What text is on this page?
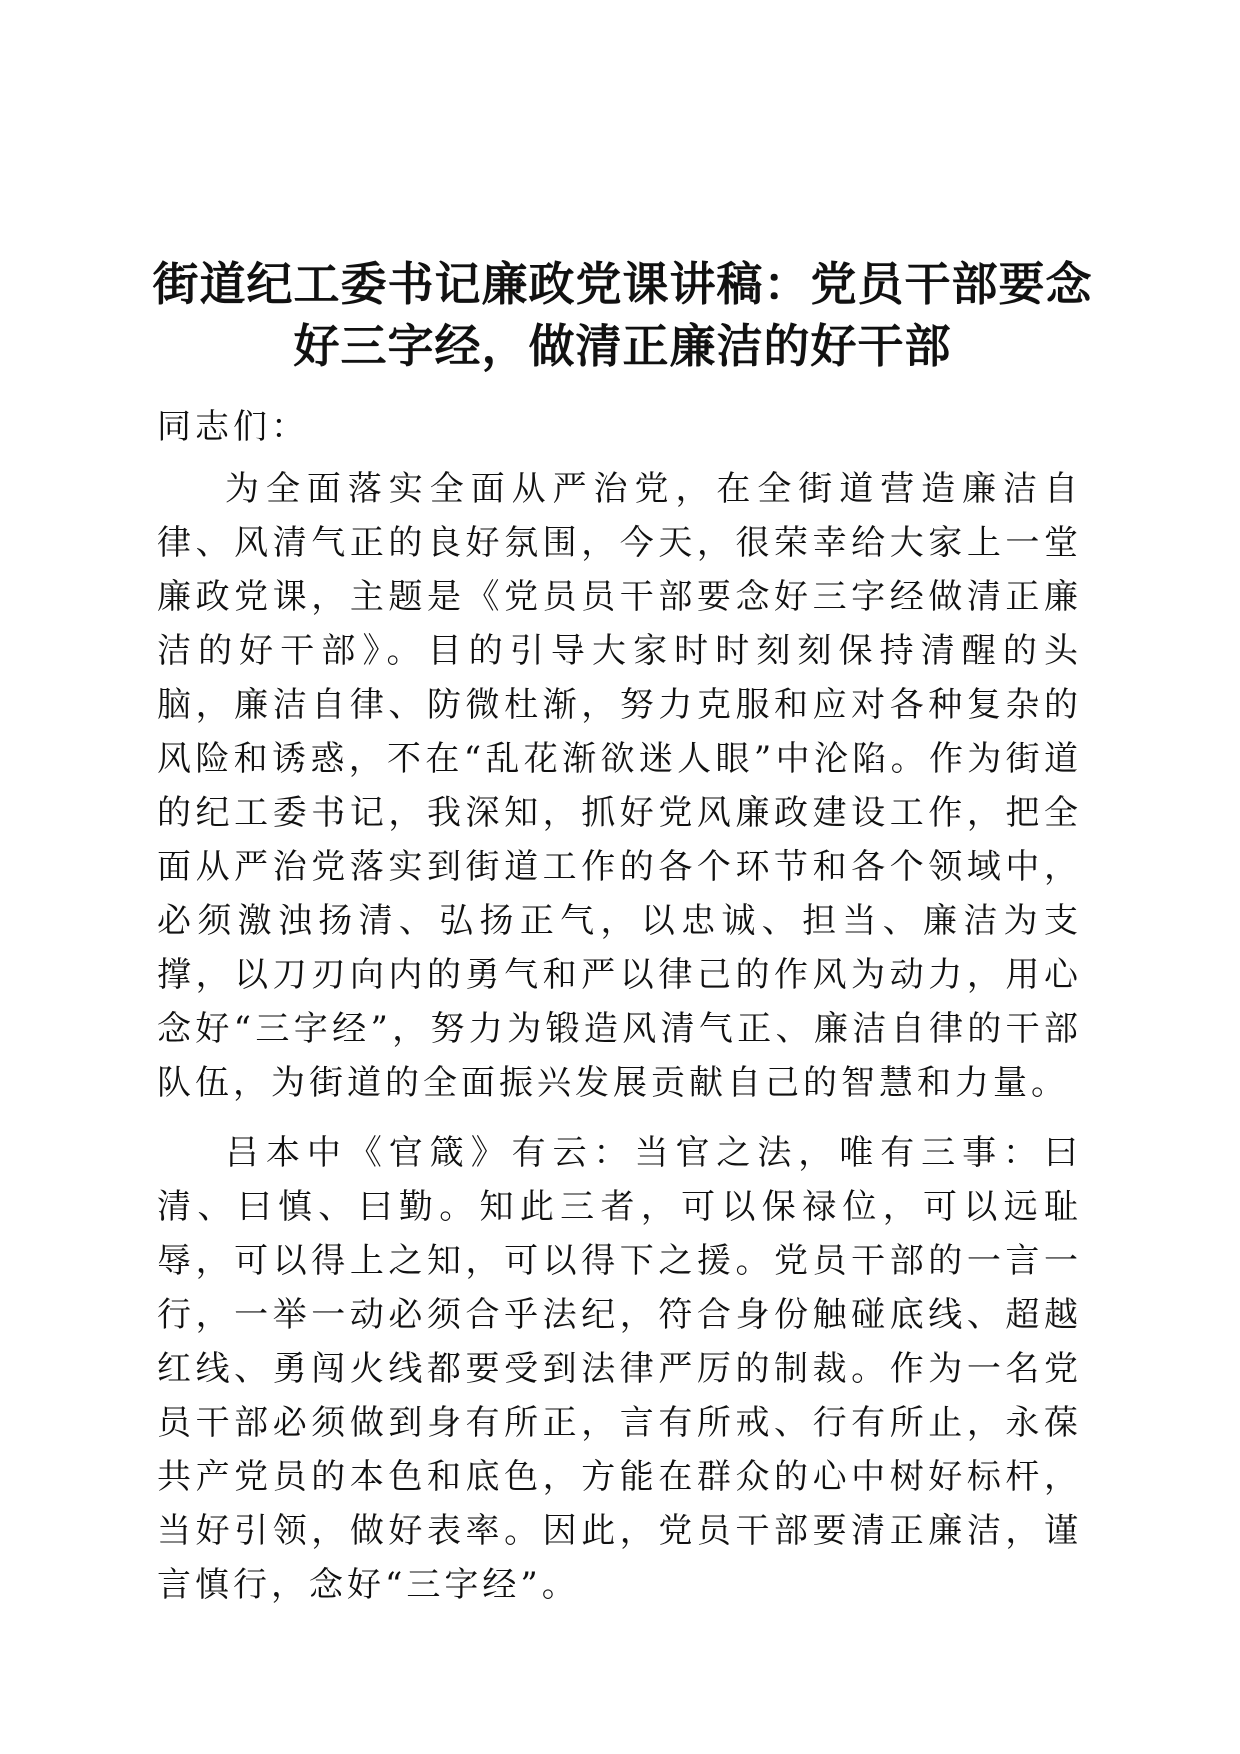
街道纪工委书记廉政党课讲稿：党员干部要念
好三字经，做清正廉洁的好干部

同志们：

为全面落实全面从严治党，在全街道营造廉洁自律、风清气正的良好氛围，今天，很荣幸给大家上一堂廉政党课，主题是《党员员干部要念好三字经做清正廉洁的好干部》。目的引导大家时时刻刻保持清醒的头脑，廉洁自律、防微杜渐，努力克服和应对各种复杂的风险和诱惑，不在“乱花渐欲迷人眼”中沦陷。作为街道的纪工委书记，我深知，抓好党风廉政建设工作，把全面从严治党落实到街道工作的各个环节和各个领域中，必须激浊扬清、弘扬正气，以忠诚、担当、廉洁为支撑，以刀刃向内的勇气和严以律己的作风为动力，用心念好“三字经”，努力为锻造风清气正、廉洁自律的干部队伍，为街道的全面振兴发展贡献自己的智慧和力量。

吕本中《官箴》有云：当官之法，唯有三事：曰清、曰慎、曰勤。知此三者，可以保禄位，可以远耻辱，可以得上之知，可以得下之援。党员干部的一言一行，一举一动必须合乎法纪，符合身份触碰底线、超越红线、勇闯火线都要受到法律严厉的制裁。作为一名党员干部必须做到身有所正，言有所戒、行有所止，永葆共产党员的本色和底色，方能在群众的心中树好标杆，当好引领，做好表率。因此，党员干部要清正廉洁，谨言慎行，念好“三字经”。
